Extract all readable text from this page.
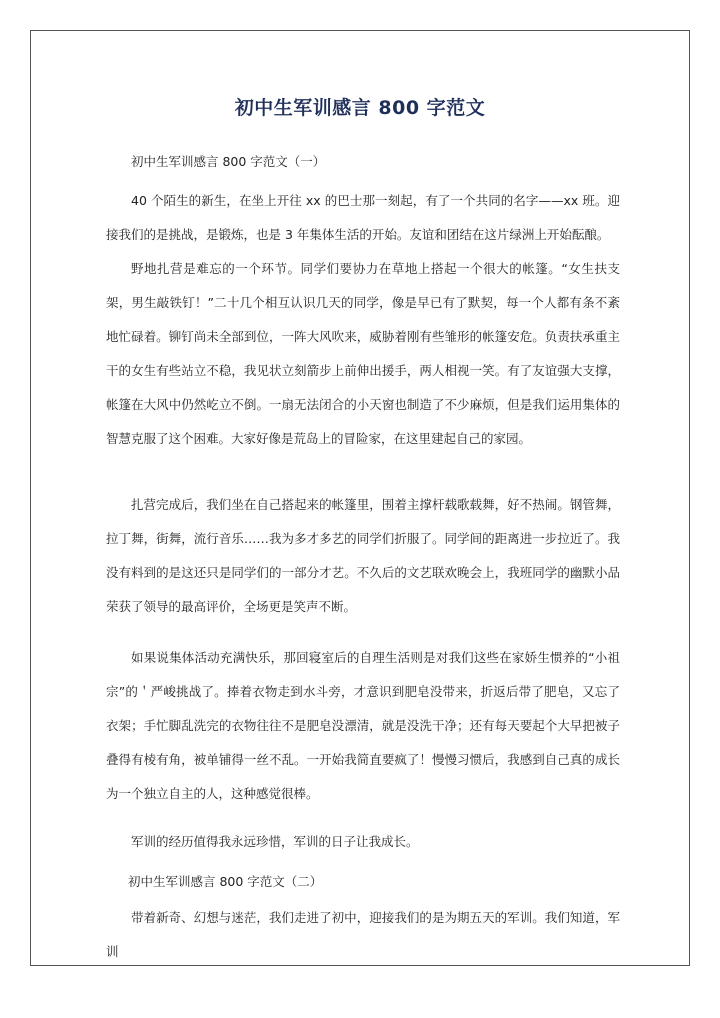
初中生军训感言 800 字范文
初中生军训感言 800 字范文（一）
40 个陌生的新生，在坐上开往 xx 的巴士那一刻起，有了一个共同的名字——xx 班。迎接我们的是挑战，是锻炼，也是 3 年集体生活的开始。友谊和团结在这片绿洲上开始酝酿。
野地扎营是难忘的一个环节。同学们要协力在草地上搭起一个很大的帐篷。“女生扶支架，男生敲铁钉！”二十几个相互认识几天的同学，像是早已有了默契，每一个人都有条不紊地忙碌着。铆钉尚未全部到位，一阵大风吹来，威胁着刚有些雏形的帐篷安危。负责扶承重主干的女生有些站立不稳，我见状立刻箭步上前伸出援手，两人相视一笑。有了友谊强大支撑，帐篷在大风中仍然屹立不倒。一扇无法闭合的小天窗也制造了不少麻烦，但是我们运用集体的智慧克服了这个困难。大家好像是荒岛上的冒险家，在这里建起自己的家园。
扎营完成后，我们坐在自己搭起来的帐篷里，围着主撑杆载歌载舞，好不热闹。钢管舞，拉丁舞，街舞，流行音乐……我为多才多艺的同学们折服了。同学间的距离进一步拉近了。我没有料到的是这还只是同学们的一部分才艺。不久后的文艺联欢晚会上，我班同学的幽默小品荣获了领导的最高评价，全场更是笑声不断。
如果说集体活动充满快乐，那回寝室后的自理生活则是对我们这些在家娇生惯养的“小祖宗”的＇严峻挑战了。捧着衣物走到水斗旁，才意识到肥皂没带来，折返后带了肥皂，又忘了衣架；手忙脚乱洗完的衣物往往不是肥皂没漂清，就是没洗干净；还有每天要起个大早把被子叠得有棱有角，被单铺得一丝不乱。一开始我简直要疯了！慢慢习惯后，我感到自己真的成长为一个独立自主的人，这种感觉很棒。
军训的经历值得我永远珍惜，军训的日子让我成长。
初中生军训感言 800 字范文（二）
带着新奇、幻想与迷茫，我们走进了初中，迎接我们的是为期五天的军训。我们知道，军训
